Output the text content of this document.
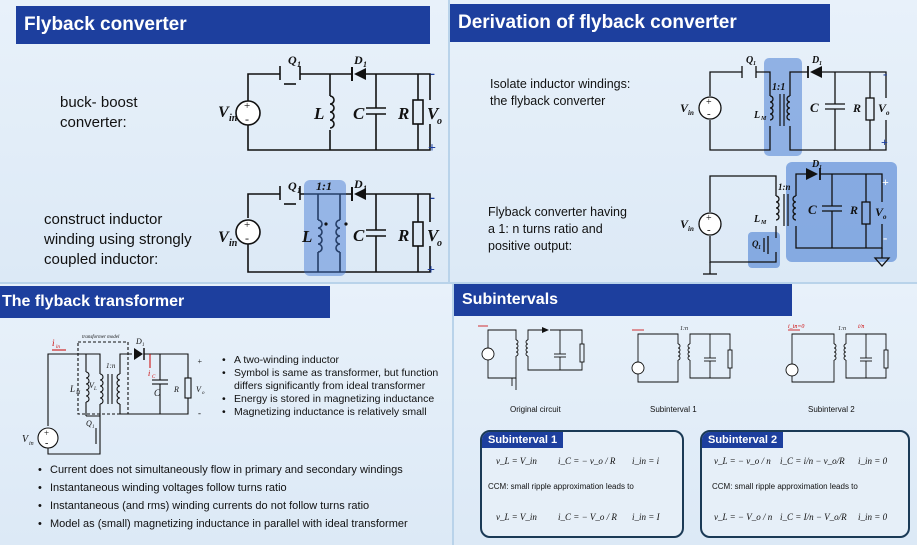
Flyback converter
buck- boost
converter:
construct inductor
winding using strongly
coupled inductor:
+
-
+
-
V in
Q 1	D 1
L C R V
o
V in
Q 1 1:1 D 1
L C R V
o
-
+
-
+
Derivation of flyback converter
Isolate inductor windings:
the flyback converter
Flyback converter having
a 1: n turns ratio and
positive output:
+
-
+
-
V in
Q 1	D 1
1:1
L M
C	R V o
V in
1:n
D 1
L M
Q 1
C	R V o
-
+
+
-
The flyback transformer
+
-
transformer model
V in
i in
L M
V L
1:n
Q 1
D 1
i C
C R V o
+
-
• A two-winding inductor
• Symbol is same as transformer, but function differs significantly from ideal transformer
• Energy is stored in magnetizing inductance
• Magnetizing inductance is relatively small
• Current does not simultaneously flow in primary and secondary windings
• Instantaneous winding voltages follow turns ratio
• Instantaneous (and rms) winding currents do not follow turns ratio
• Model as (small) magnetizing inductance in parallel with ideal transformer
Subintervals
1:n	1:n
i_in=0	i/n
Original circuit	Subinterval 1	Subinterval 2
Subinterval 1
v_L = V_in i_C = − v_o / R i_in = i
CCM: small ripple approximation leads to
v_L = V_in i_C = − V_o / R i_in = I
Subinterval 2
v_L = − v_o / n i_C = i/n − v_o/R i_in = 0
CCM: small ripple approximation leads to
v_L = − V_o / n i_C = I/n − V_o/R i_in = 0
